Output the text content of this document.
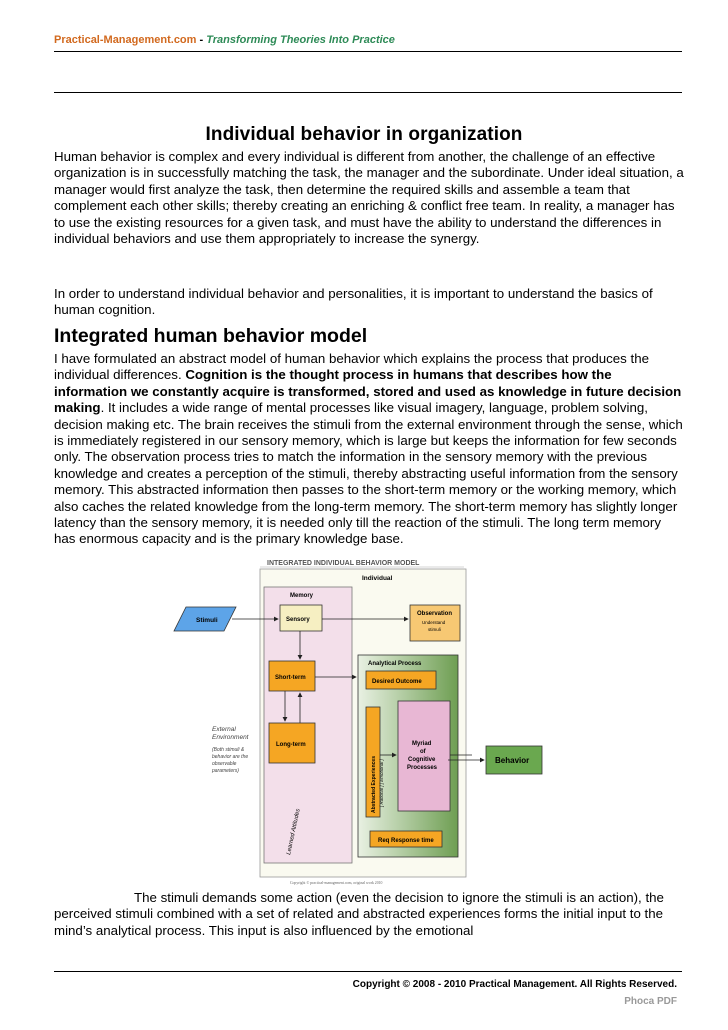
Practical-Management.com - Transforming Theories Into Practice
Individual behavior in organization
Human behavior is complex and every individual is different from another, the challenge of an effective organization is in successfully matching the task, the manager and the subordinate. Under ideal situation, a manager would first analyze the task, then determine the required skills and assemble a team that complement each other skills; thereby creating an enriching & conflict free team. In reality, a manager has to use the existing resources for a given task, and must have the ability to understand the differences in individual behaviors and use them appropriately to increase the synergy.
In order to understand individual behavior and personalities, it is important to understand the basics of human cognition.
Integrated human behavior model
I have formulated an abstract model of human behavior which explains the process that produces the individual differences. Cognition is the thought process in humans that describes how the information we constantly acquire is transformed, stored and used as knowledge in future decision making. It includes a wide range of mental processes like visual imagery, language, problem solving, decision making etc. The brain receives the stimuli from the external environment through the sense, which is immediately registered in our sensory memory, which is large but keeps the information for few seconds only. The observation process tries to match the information in the sensory memory with the previous knowledge and creates a perception of the stimuli, thereby abstracting useful information from the sensory memory. This abstracted information then passes to the short-term memory or the working memory, which also caches the related knowledge from the long-term memory. The short-term memory has slightly longer latency than the sensory memory, it is needed only till the reaction of the stimuli. The long term memory has enormous capacity and is the primary knowledge base.
INTEGRATED INDIVIDUAL BEHAVIOR MODEL
Individual
Memory
Stimuli	Sensory
Observation
Understand
stimuli
Short-term
Long-term
Analytical Process
Desired Outcome
Abstracted Experiences [ Rational ] [ Emotional ]
Myriad
of
Cognitive
Processes
Req Response time
External
Environment
(Both stimuli &
behavior are the
observable
parameters)
Learned Attitudes
Copyright © practical-management.com, original work 2010
Behavior
The stimuli demands some action (even the decision to ignore the stimuli is an action), the perceived stimuli combined with a set of related and abstracted experiences forms the initial input to the mind’s analytical process. This input is also influenced by the emotional
Copyright © 2008 - 2010 Practical Management. All Rights Reserved.
Phoca PDF
